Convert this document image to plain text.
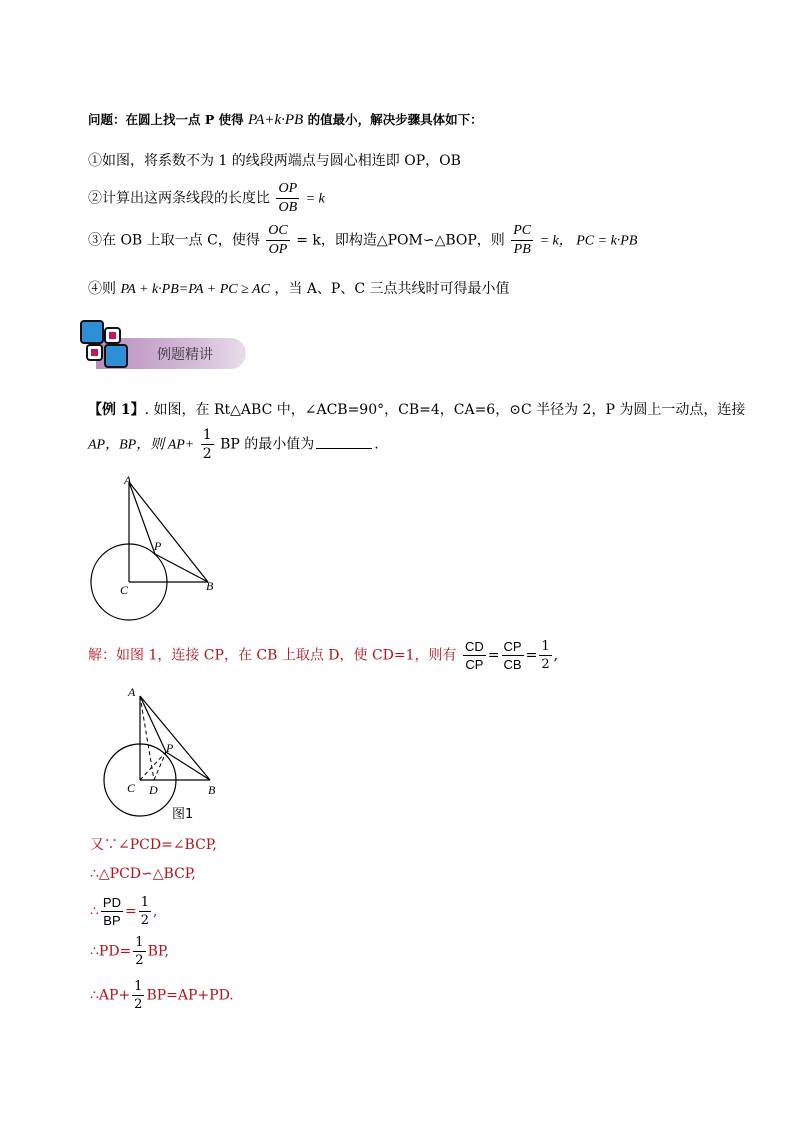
问题：在圆上找一点 P 使得 PA+k·PB 的值最小，解决步骤具体如下：
①如图，将系数不为 1 的线段两端点与圆心相连即 OP，OB
②计算出这两条线段的长度比 $\frac{OP}{OB} = k$
③在 OB 上取一点 C，使得 $\frac{OC}{OP} = k$，即构造△POM∽△BOP，则 $\frac{PC}{PB} = k$， PC = k·PB
④则 PA + k·PB=PA + PC ≥ AC ，当 A、P、C 三点共线时可得最小值
例题精讲
【例 1】. 如图，在 Rt△ABC 中，∠ACB=90°，CB=4，CA=6，⊙C 半径为 2，P 为圆上一动点，连接
AP，BP，则 $AP+ \frac{1}{2}$ BP 的最小值为	.
A
C	B
P
解：如图 1，连接 CP，在 CB 上取点 D，使 CD=1，则有 $\frac{CD}{CP} = \frac{CP}{CB} = \frac{1}{2}$ ,
A
C D	B
P
图1
又∵∠PCD=∠BCP,
∴△PCD∽△BCP,
∴ $\frac{PD}{BP} = \frac{1}{2}$ ,
∴PD= $\frac{1}{2}$ BP,
∴AP+ $\frac{1}{2} BP=AP+PD$.
